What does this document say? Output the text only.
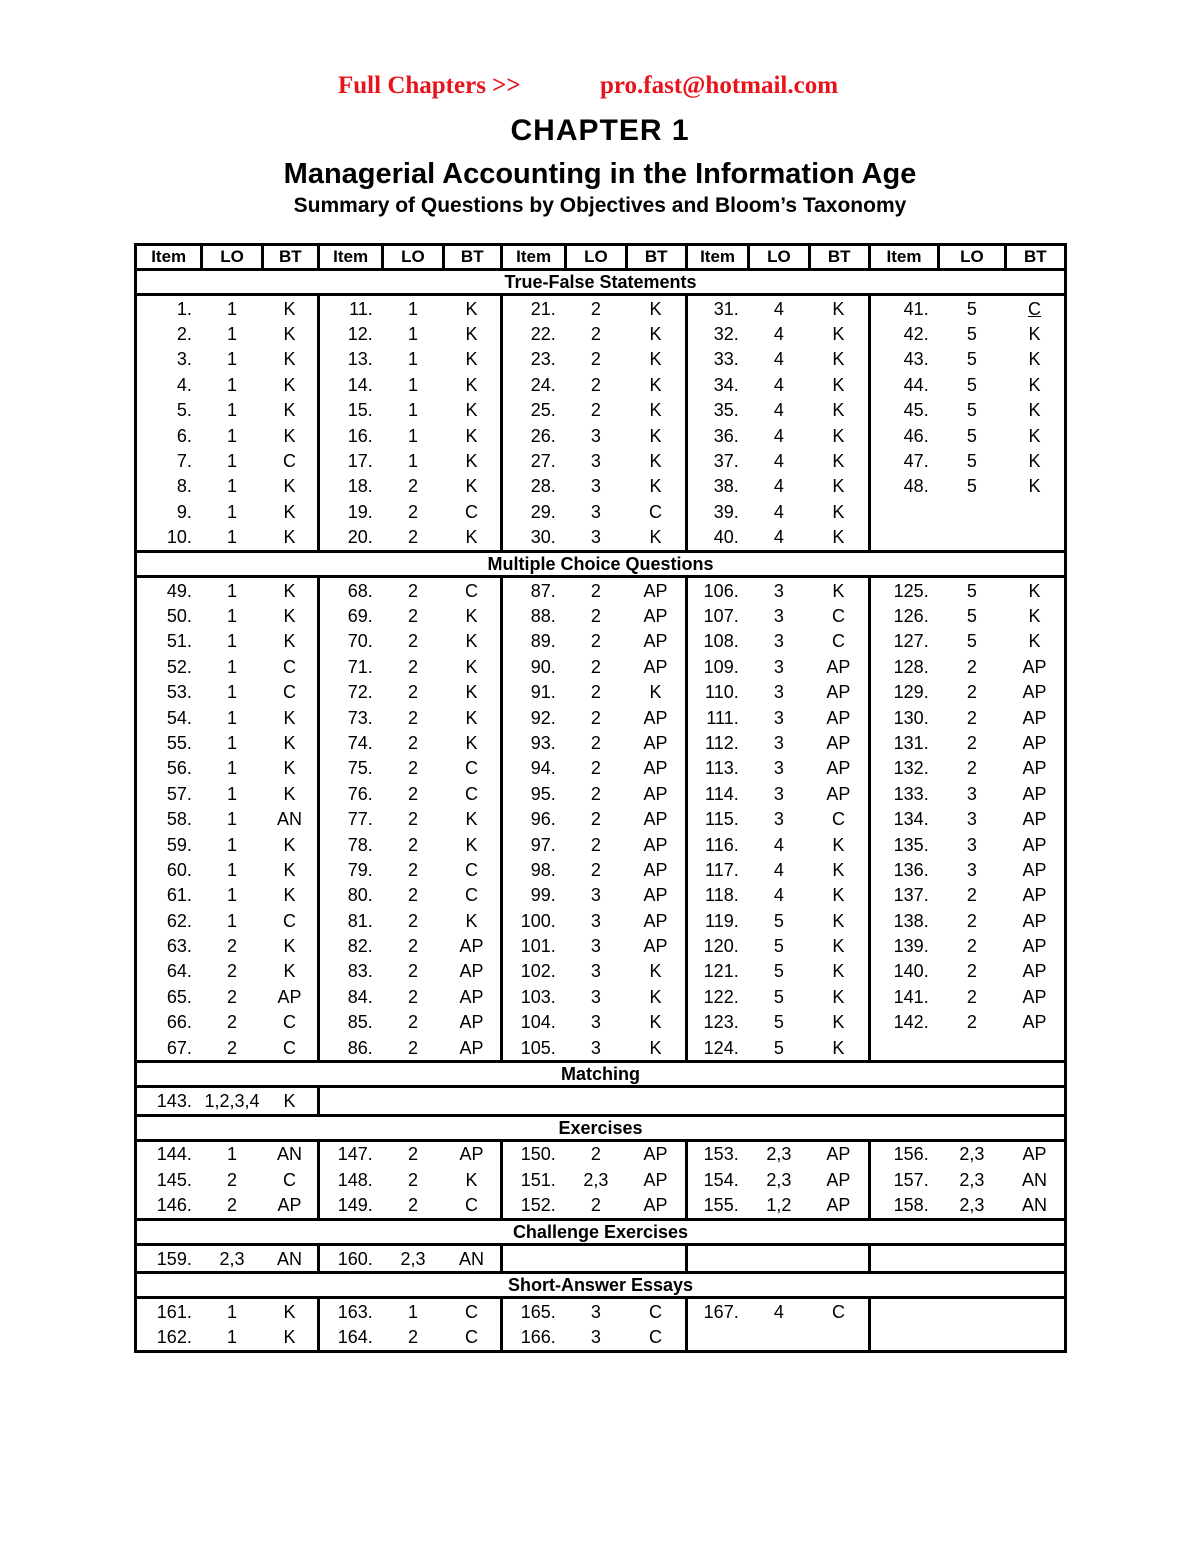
Full Chapters >>	pro.fast@hotmail.com
CHAPTER 1
Managerial Accounting in the Information Age
Summary of Questions by Objectives and Bloom’s Taxonomy
Item	LO	BT	Item	LO	BT	Item	LO	BT	Item	LO	BT	Item	LO	BT
True-False Statements														
1.	1	K	11.	1	K	21.	2	K	31.	4	K	41.	5	C
2.	1	K	12.	1	K	22.	2	K	32.	4	K	42.	5	K
3.	1	K	13.	1	K	23.	2	K	33.	4	K	43.	5	K
4.	1	K	14.	1	K	24.	2	K	34.	4	K	44.	5	K
5.	1	K	15.	1	K	25.	2	K	35.	4	K	45.	5	K
6.	1	K	16.	1	K	26.	3	K	36.	4	K	46.	5	K
7.	1	C	17.	1	K	27.	3	K	37.	4	K	47.	5	K
8.	1	K	18.	2	K	28.	3	K	38.	4	K	48.	5	K
9.	1	K	19.	2	C	29.	3	C	39.	4	K			
10.	1	K	20.	2	K	30.	3	K	40.	4	K			
Multiple Choice Questions														
49.	1	K	68.	2	C	87.	2	AP	106.	3	K	125.	5	K
50.	1	K	69.	2	K	88.	2	AP	107.	3	C	126.	5	K
51.	1	K	70.	2	K	89.	2	AP	108.	3	C	127.	5	K
52.	1	C	71.	2	K	90.	2	AP	109.	3	AP	128.	2	AP
53.	1	C	72.	2	K	91.	2	K	110.	3	AP	129.	2	AP
54.	1	K	73.	2	K	92.	2	AP	111.	3	AP	130.	2	AP
55.	1	K	74.	2	K	93.	2	AP	112.	3	AP	131.	2	AP
56.	1	K	75.	2	C	94.	2	AP	113.	3	AP	132.	2	AP
57.	1	K	76.	2	C	95.	2	AP	114.	3	AP	133.	3	AP
58.	1	AN	77.	2	K	96.	2	AP	115.	3	C	134.	3	AP
59.	1	K	78.	2	K	97.	2	AP	116.	4	K	135.	3	AP
60.	1	K	79.	2	C	98.	2	AP	117.	4	K	136.	3	AP
61.	1	K	80.	2	C	99.	3	AP	118.	4	K	137.	2	AP
62.	1	C	81.	2	K	100.	3	AP	119.	5	K	138.	2	AP
63.	2	K	82.	2	AP	101.	3	AP	120.	5	K	139.	2	AP
64.	2	K	83.	2	AP	102.	3	K	121.	5	K	140.	2	AP
65.	2	AP	84.	2	AP	103.	3	K	122.	5	K	141.	2	AP
66.	2	C	85.	2	AP	104.	3	K	123.	5	K	142.	2	AP
67.	2	C	86.	2	AP	105.	3	K	124.	5	K			
Matching														
143.	1,2,3,4	K												
Exercises														
144.	1	AN	147.	2	AP	150.	2	AP	153.	2,3	AP	156.	2,3	AP
145.	2	C	148.	2	K	151.	2,3	AP	154.	2,3	AP	157.	2,3	AN
146.	2	AP	149.	2	C	152.	2	AP	155.	1,2	AP	158.	2,3	AN
Challenge Exercises														
159.	2,3	AN	160.	2,3	AN									
Short-Answer Essays														
161.	1	K	163.	1	C	165.	3	C	167.	4	C			
162.	1	K	164.	2	C	166.	3	C						
